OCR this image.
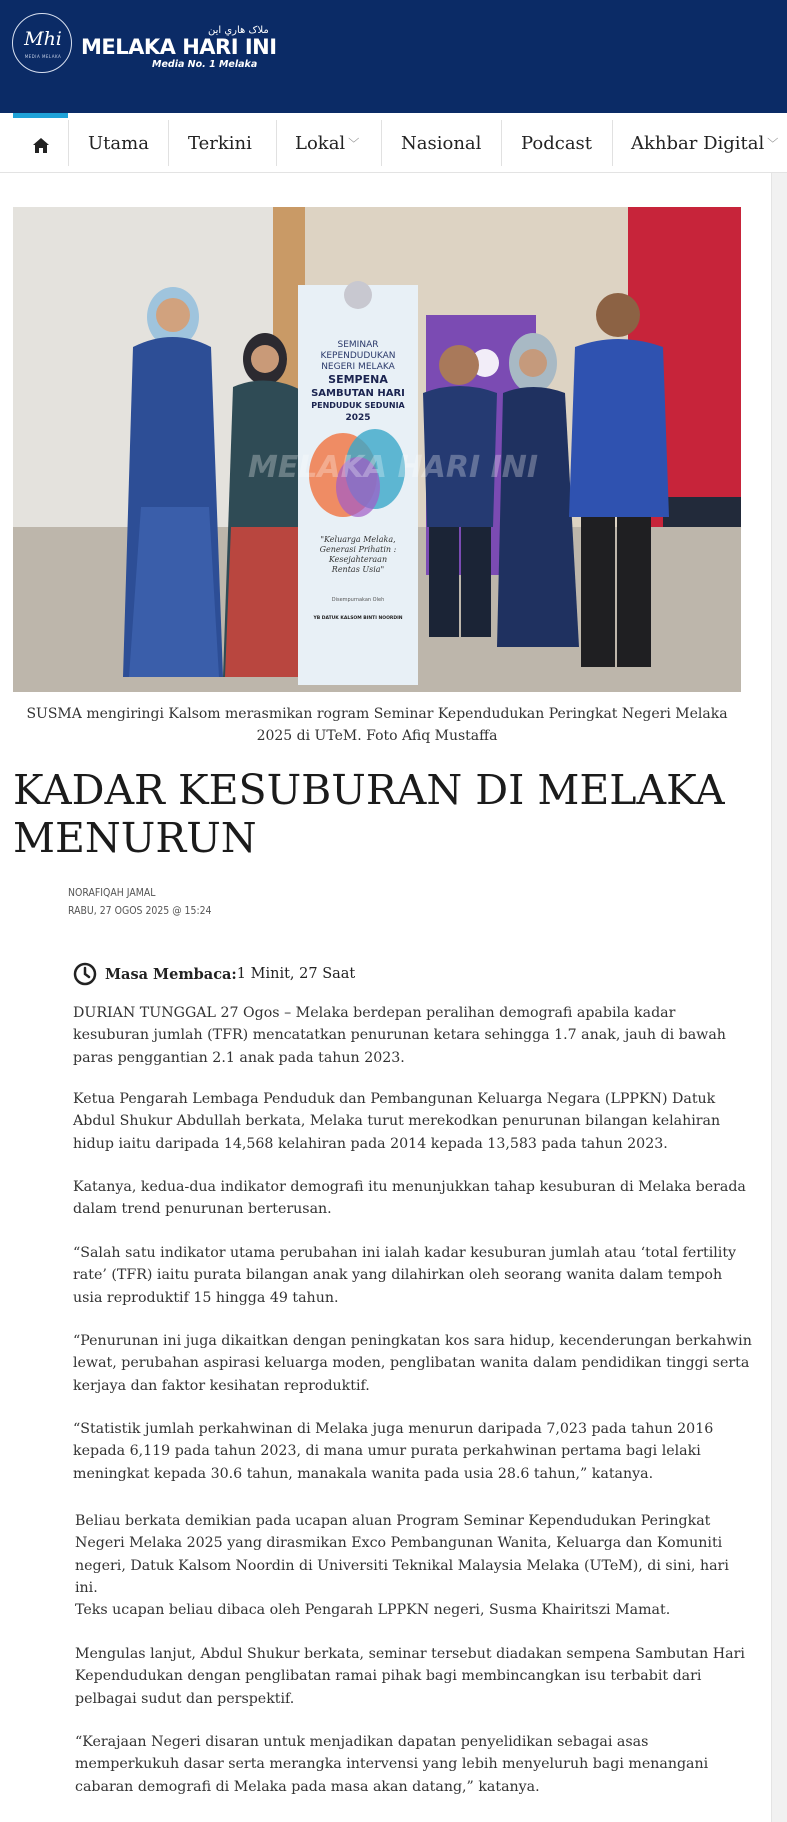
Mhi
MEDIA MELAKA MELAKA HARI INI
ملاک هاري اين
Media No. 1 Melaka
Utama Terkini Lokal ﹀ Nasional Podcast Akhbar Digital ﹀
SEMINAR
KEPENDUDUKAN
NEGERI MELAKA
SEMPENA
SAMBUTAN HARI
PENDUDUK SEDUNIA
2025
"Keluarga Melaka,
Generasi Prihatin :
Kesejahteraan
Rentas Usia"
Disempurnakan Oleh
YB DATUK KALSOM BINTI NOORDIN
MELAKA HARI INI
SUSMA mengiringi Kalsom merasmikan rogram Seminar Kependudukan Peringkat Negeri Melaka 2025 di UTeM. Foto Afiq Mustaffa
KADAR KESUBURAN DI MELAKA MENURUN
NORAFIQAH JAMAL
RABU, 27 OGOS 2025 @ 15:24
Masa Membaca: 1 Minit, 27 Saat

DURIAN TUNGGAL 27 Ogos – Melaka berdepan peralihan demografi apabila kadar kesuburan jumlah (TFR) mencatatkan penurunan ketara sehingga 1.7 anak, jauh di bawah paras penggantian 2.1 anak pada tahun 2023.

Ketua Pengarah Lembaga Penduduk dan Pembangunan Keluarga Negara (LPPKN) Datuk Abdul Shukur Abdullah berkata, Melaka turut merekodkan penurunan bilangan kelahiran hidup iaitu daripada 14,568 kelahiran pada 2014 kepada 13,583 pada tahun 2023.

Katanya, kedua-dua indikator demografi itu menunjukkan tahap kesuburan di Melaka berada dalam trend penurunan berterusan.

“Salah satu indikator utama perubahan ini ialah kadar kesuburan jumlah atau ‘total fertility rate’ (TFR) iaitu purata bilangan anak yang dilahirkan oleh seorang wanita dalam tempoh usia reproduktif 15 hingga 49 tahun.

“Penurunan ini juga dikaitkan dengan peningkatan kos sara hidup, kecenderungan berkahwin lewat, perubahan aspirasi keluarga moden, penglibatan wanita dalam pendidikan tinggi serta kerjaya dan faktor kesihatan reproduktif.

“Statistik jumlah perkahwinan di Melaka juga menurun daripada 7,023 pada tahun 2016 kepada 6,119 pada tahun 2023, di mana umur purata perkahwinan pertama bagi lelaki meningkat kepada 30.6 tahun, manakala wanita pada usia 28.6 tahun,” katanya.

Beliau berkata demikian pada ucapan aluan Program Seminar Kependudukan Peringkat Negeri Melaka 2025 yang dirasmikan Exco Pembangunan Wanita, Keluarga dan Komuniti negeri, Datuk Kalsom Noordin di Universiti Teknikal Malaysia Melaka (UTeM), di sini, hari ini.

Teks ucapan beliau dibaca oleh Pengarah LPPKN negeri, Susma Khairitszi Mamat.

Mengulas lanjut, Abdul Shukur berkata, seminar tersebut diadakan sempena Sambutan Hari Kependudukan dengan penglibatan ramai pihak bagi membincangkan isu terbabit dari pelbagai sudut dan perspektif.

“Kerajaan Negeri disaran untuk menjadikan dapatan penyelidikan sebagai asas memperkukuh dasar serta merangka intervensi yang lebih menyeluruh bagi menangani cabaran demografi di Melaka pada masa akan datang,” katanya.
